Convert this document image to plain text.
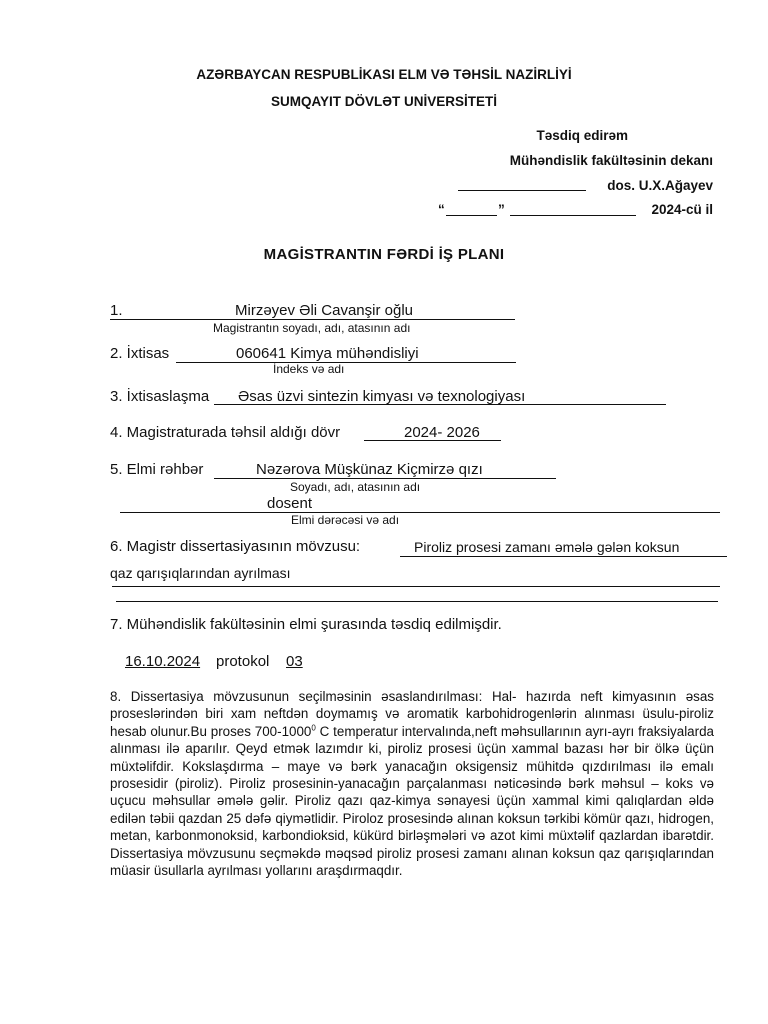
AZƏRBAYCAN RESPUBLİKASI ELM VƏ TƏHSİL NAZİRLİYİ
SUMQAYIT DÖVLƏT UNİVERSİTETİ
Təsdiq edirəm
Mühəndislik fakültəsinin dekanı
dos. U.X.Ağayev
“	”	2024-cü il
MAGİSTRANTIN FƏRDİ İŞ PLANI
1.	Mirzəyev Əli Cavanşir oğlu
Magistrantın soyadı, adı, atasının adı
2. İxtisas	060641 Kimya mühəndisliyi
İndeks və adı
3. İxtisaslaşma Əsas üzvi sintezin kimyası və texnologiyası
4. Magistraturada təhsil aldığı dövr	2024- 2026
5. Elmi rəhbər	Nəzərova Müşkünaz Kiçmirzə qızı
Soyadı, adı, atasının adı
dosent
Elmi dərəcəsi və adı
6. Magistr dissertasiyasının mövzusu:	Piroliz prosesi zamanı əmələ gələn koksun
qaz qarışıqlarından ayrılması
7. Mühəndislik fakültəsinin elmi şurasında təsdiq edilmişdir.
16.10.2024 protokol 03
8. Dissertasiya mövzusunun seçilməsinin əsaslandırılması: Hal- hazırda neft kimyasının əsas proseslərindən biri xam neftdən doymamış və aromatik karbohidrogenlərin alınması üsulu-piroliz hesab olunur.Bu proses 700-1000$^0$ C temperatur intervalında,neft məhsullarının ayrı-ayrı fraksiyalarda alınması ilə aparılır. Qeyd etmək lazımdır ki, piroliz prosesi üçün xammal bazası hər bir ölkə üçün müxtəlifdir. Kokslaşdırma – maye və bərk yanacağın oksigensiz mühitdə qızdırılması ilə emalı prosesidir (piroliz). Piroliz prosesinin-yanacağın parçalanması nəticəsində bərk məhsul – koks və uçucu məhsullar əmələ gəlir. Piroliz qazı qaz-kimya sənayesi üçün xammal kimi qalıqlardan əldə edilən təbii qazdan 25 dəfə qiymətlidir. Piroloz prosesində alınan koksun tərkibi kömür qazı, hidrogen, metan, karbonmonoksid, karbondioksid, kükürd birləşmələri və azot kimi müxtəlif qazlardan ibarətdir. Dissertasiya mövzusunu seçməkdə məqsəd piroliz prosesi zamanı alınan koksun qaz qarışıqlarından müasir üsullarla ayrılması yollarını araşdırmaqdır.
